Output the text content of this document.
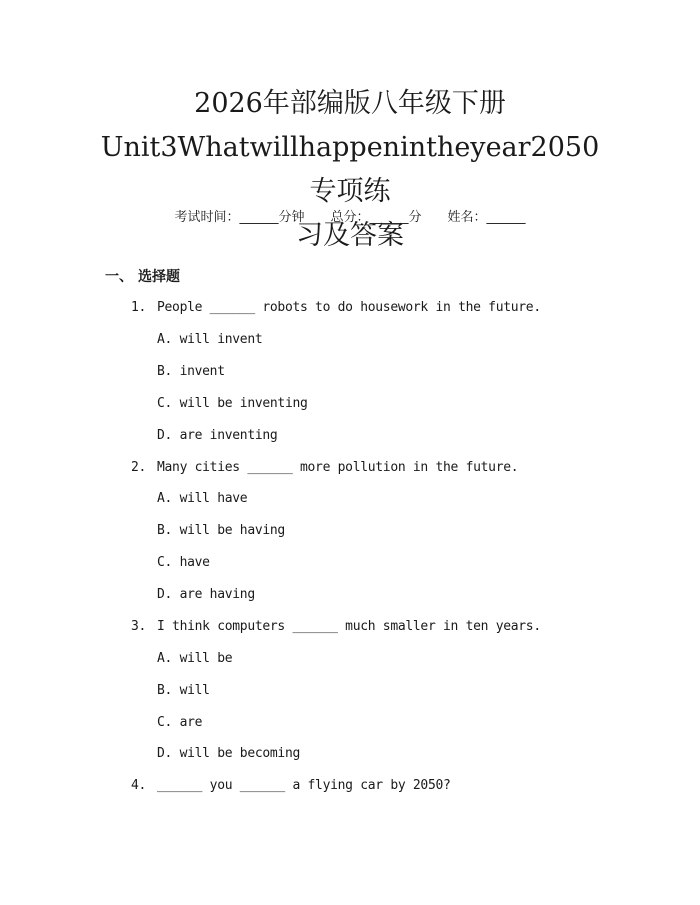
2026年部编版八年级下册
Unit3Whatwillhappenintheyear2050专项练
习及答案
考试时间：______分钟 总分：______分 姓名：______
一、 选择题
1. People ______ robots to do housework in the future.
A. will invent
B. invent
C. will be inventing
D. are inventing
2. Many cities ______ more pollution in the future.
A. will have
B. will be having
C. have
D. are having
3. I think computers ______ much smaller in ten years.
A. will be
B. will
C. are
D. will be becoming
4. ______ you ______ a flying car by 2050?
